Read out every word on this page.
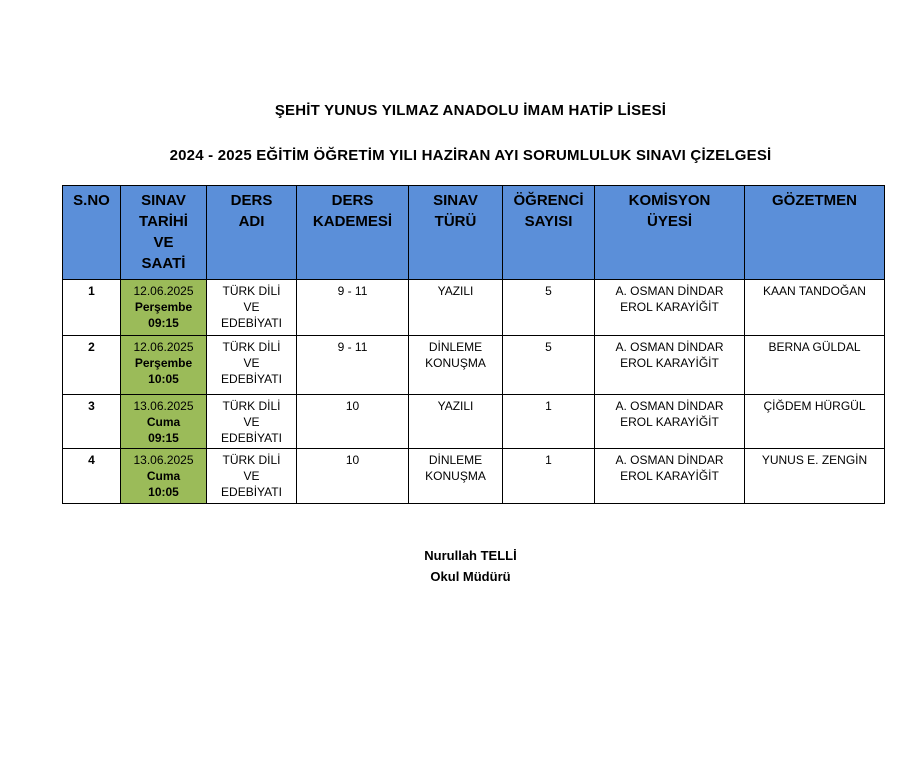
ŞEHİT YUNUS YILMAZ ANADOLU İMAM HATİP LİSESİ
2024 - 2025 EĞİTİM ÖĞRETİM YILI HAZİRAN AYI SORUMLULUK SINAVI ÇİZELGESİ
S.NO	SINAV
TARİHİ
VE
SAATİ	DERS
ADI	DERS
KADEMESİ	SINAV
TÜRÜ	ÖĞRENCİ
SAYISI	KOMİSYON
ÜYESİ	GÖZETMEN
1	12.06.2025
Perşembe
09:15	TÜRK DİLİ
VE
EDEBİYATI	9 - 11	YAZILI	5	A. OSMAN DİNDAR
EROL KARAYİĞİT	KAAN TANDOĞAN
2	12.06.2025
Perşembe
10:05	TÜRK DİLİ
VE
EDEBİYATI	9 - 11	DİNLEME
KONUŞMA	5	A. OSMAN DİNDAR
EROL KARAYİĞİT	BERNA GÜLDAL
3	13.06.2025
Cuma
09:15	TÜRK DİLİ
VE
EDEBİYATI	10	YAZILI	1	A. OSMAN DİNDAR
EROL KARAYİĞİT	ÇİĞDEM HÜRGÜL
4	13.06.2025
Cuma
10:05	TÜRK DİLİ
VE
EDEBİYATI	10	DİNLEME
KONUŞMA	1	A. OSMAN DİNDAR
EROL KARAYİĞİT	YUNUS E. ZENGİN
Nurullah TELLİ
Okul Müdürü
